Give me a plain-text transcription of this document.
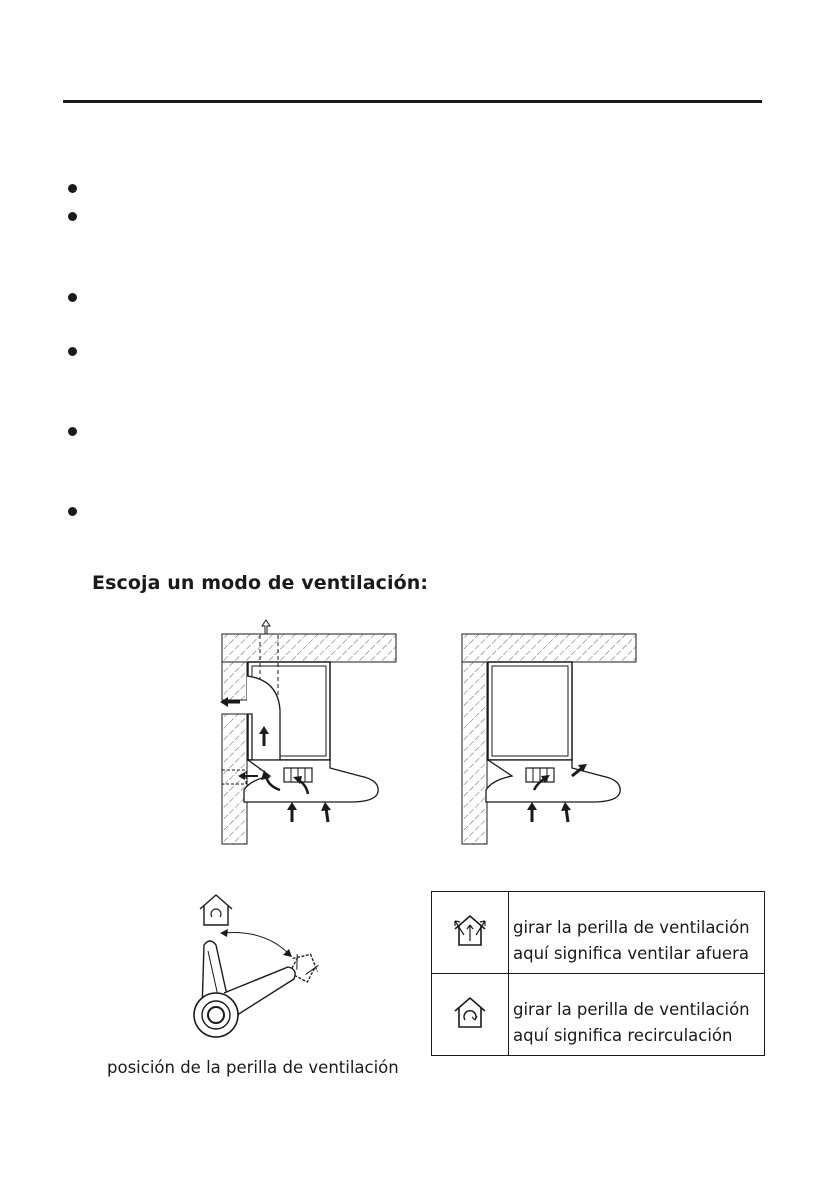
Escoja un modo de ventilación:
posición de la perilla de ventilación

girar la perilla de ventilación
aquí significa ventilar afuera

girar la perilla de ventilación
aquí significa recirculación
